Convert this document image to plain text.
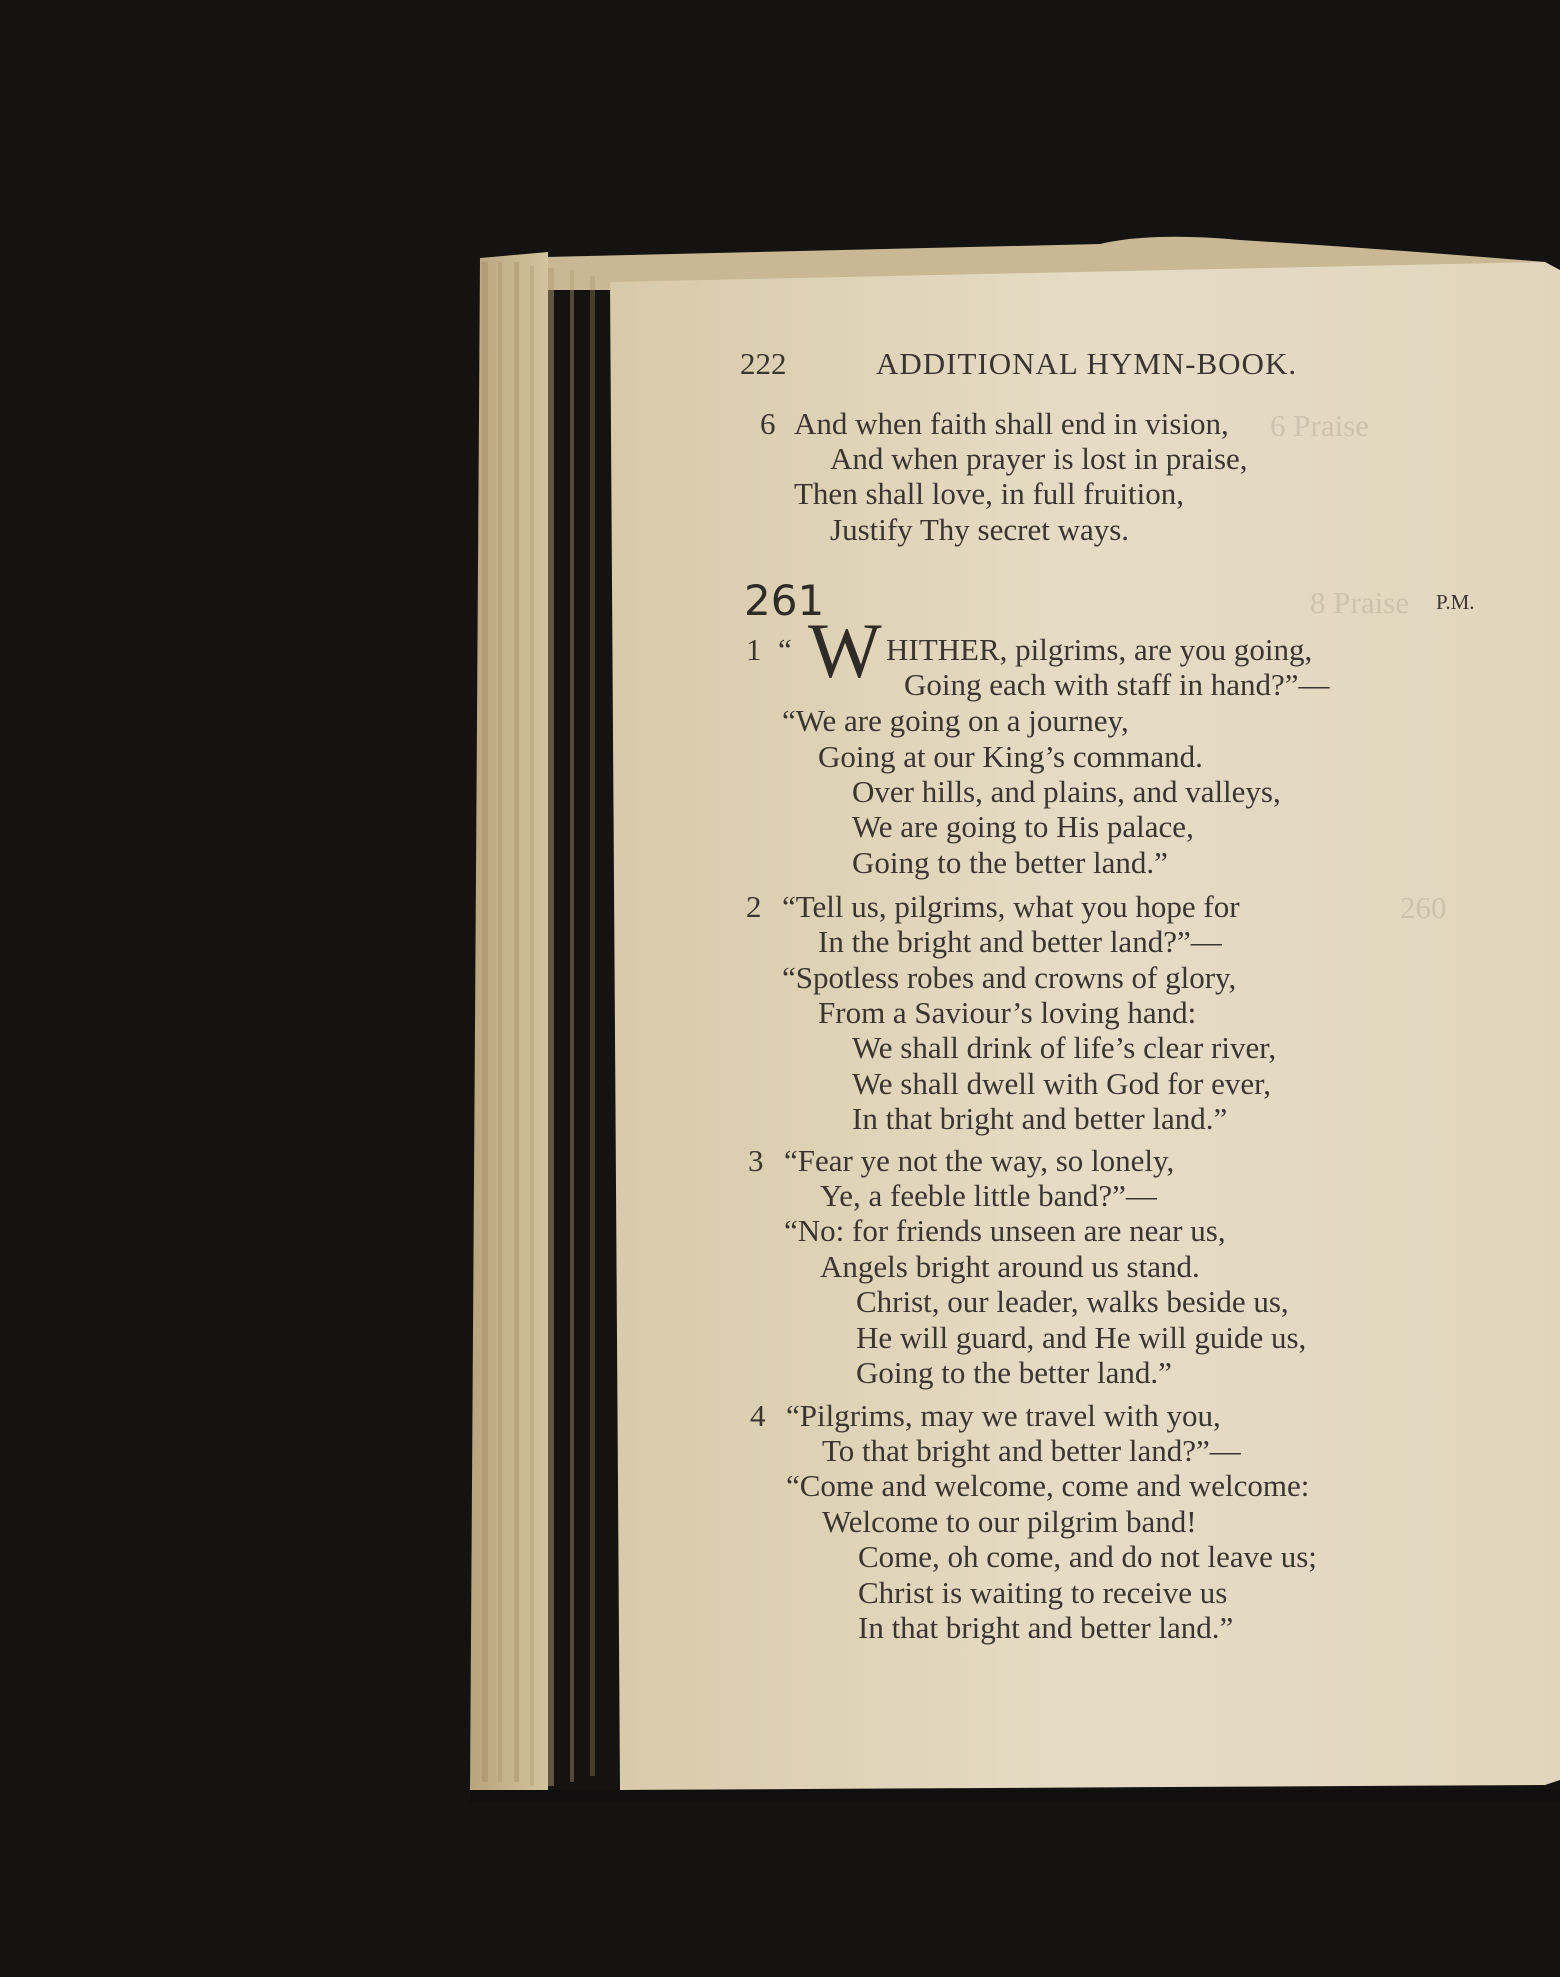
6 Praise
8 Praise
260
222	ADDITIONAL HYMN-BOOK.
6 And when faith shall end in vision,
And when prayer is lost in praise,
Then shall love, in full fruition,
Justify Thy secret ways.
261	P.M.
1 “ W HITHER, pilgrims, are you going,
Going each with staff in hand?”—
“We are going on a journey,
Going at our King’s command.
Over hills, and plains, and valleys,
We are going to His palace,
Going to the better land.”
2 “Tell us, pilgrims, what you hope for
In the bright and better land?”—
“Spotless robes and crowns of glory,
From a Saviour’s loving hand:
We shall drink of life’s clear river,
We shall dwell with God for ever,
In that bright and better land.”
3 “Fear ye not the way, so lonely,
Ye, a feeble little band?”—
“No: for friends unseen are near us,
Angels bright around us stand.
Christ, our leader, walks beside us,
He will guard, and He will guide us,
Going to the better land.”
4 “Pilgrims, may we travel with you,
To that bright and better land?”—
“Come and welcome, come and welcome:
Welcome to our pilgrim band!
Come, oh come, and do not leave us;
Christ is waiting to receive us
In that bright and better land.”
